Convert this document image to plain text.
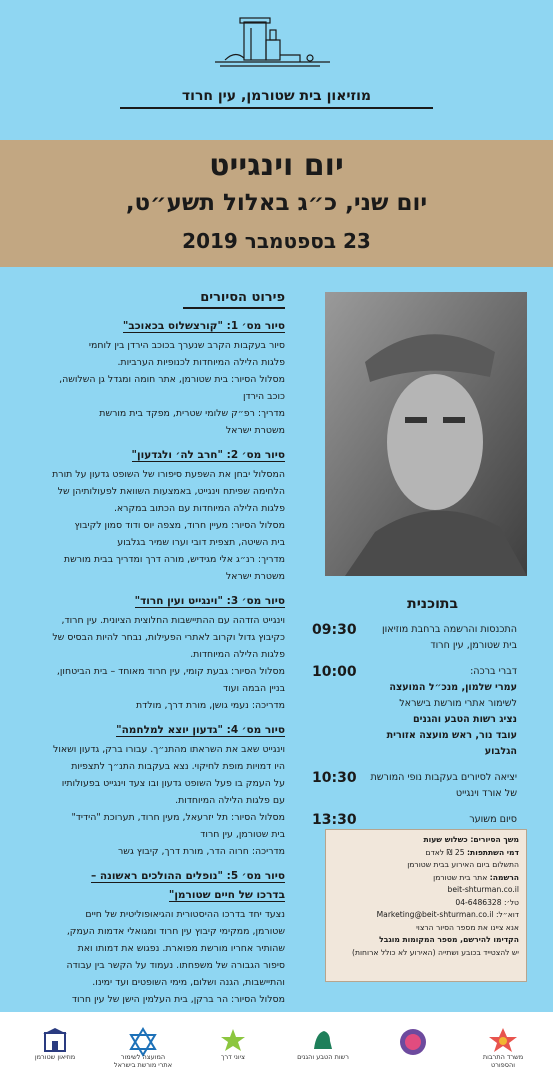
מוזיאון בית שטורמן, עין חרוד
יום וינגייט
יום שני, כ״ג באלול תשע״ט,
23 בספטמבר 2019
פירוט הסיורים
סיור מס׳ 1: "קורצשלוס בכאוכב"

סיור בעקבות הקרב שנערך בכוכב הירדן בין לוחמי

פלגות הלילה המיוחדות לכנופיות הערביות.

מסלול הסיור: בית שטורמן, אתר חומה ומגדל גן השלושה,

כוכב הירדן

מדריך: רפ״ק שלומי שטרית, מפקד בית מורשת

משטרת ישראל

סיור מס׳ 2: "חרב לה׳ ולגדעון"

המסלול יבחן את השפעת סיפורו של השופט גדעון על תורת

הלחימה שפיתח וינגייט, באמצעות השוואת לפעולותיהן של

פלגות הלילה המיוחדות עם הכתוב במקרא.

מסלול הסיור: מעיין חרוד, מצפה יוס ודוד סמון לקיבוץ

בית השיטה, תצפית דובי וערו שמיר בגלבוע

מדריך: רנ״ג אלי מגידיש, מורה דרך ומדריך בבית מורשת

משטרת ישראל

סיור מס׳ 3: "וינגייט ועין חרוד"

וינגייט הזדהה עם ההתיישבות החלוצית הציונית. עין חרוד,

כקיבוץ גדול וקרוב לאתרי הפעילות, נבחר להיות הבסיס של

פלגות הלילה המיוחדות.

מסלול הסיור: גבעת קומי, עין חרוד מאוחד – בית הביטחון,

בניין הבמה ועוד

מדריכה: נעמי גושן, מורת דרך, מולדת

סיור מס׳ 4: "גדעון יוצא למלחמה"

וינגייט שאב את השראתו מהתנ״ך. עבורו ברק, גדעון ושאול

היו דמויות מופת לחיקוי. נצא בעקבות התנ״ך לתצפיות

על העמק בו פעל השופט גדעון ובו צעד וינגייט בפעולותיו

עם פלגות הלילה המיוחדות.

מסלול הסיור: תל יזרעאל, מעין חרוד, תערוכת "הידיד"

בית שטורמן, עין חרוד

מדריכה: חרוה הדר, מורת דרך, קיבוץ גשר

סיור מס׳ 5: "נופלים ההולכים ראשונה –
בדרכו של חיים שטורמן"

נצעד יחד בדרכו ההיסטורית והגיאופוליטית של חיים

שטורמן, ממקימי קיבוץ עין חרוד ומגואלי אדמות העמק,

שהותיר אחריו מורשת מפוארת. נפגוש את דמותו ואת

סיפור הגבורה של משפחתו. נעמוד על הקשר בין עבודה

והתיישבות, הגנה ושלום, מימי השופטים ועד ימינו.

מסלול הסיור: הר ברקן, בית העלמין הישן של עין חרוד

בתוכנית
09:30	התכנסות והרשמה ברחבת מוזיאון
בית שטורמן, עין חרוד
10:00	דברי ברכה:
עמרי שלמון, מנכ״ל המועצה
לשימור אתרי מורשת בישראל
נציג רשות הטבע והגנים
עובד נור, ראש מועצה אזורית הגלבוע
10:30	יציאה לסיורים בעקבות נופי המורשת
של אורד וינגייט
13:30	סיום משוער

משך הסיורים: כשלוש שעות

דמי השתתפות: 25 ₪ לאדם

התשלום ביום האירוע בבית שטורמן

הרשמה: אתר בית שטורמן

beit-shturman.co.il

טל׳: 04-6486328

דוא״ל: Marketing@beit-shturman.co.il

אנא ציינו את מספר הסיור הרצוי

הקדימו להירשם, מספר המקומות מוגבל

יש להצטייד בכובע ושתייה (האירוע לא כולל ארוחות)

משרד התרבות והספורט
רשות הטבע והגנים
ציוני דרך
המועצה לשימור אתרי מורשת בישראל
מוזיאון שטורמן
